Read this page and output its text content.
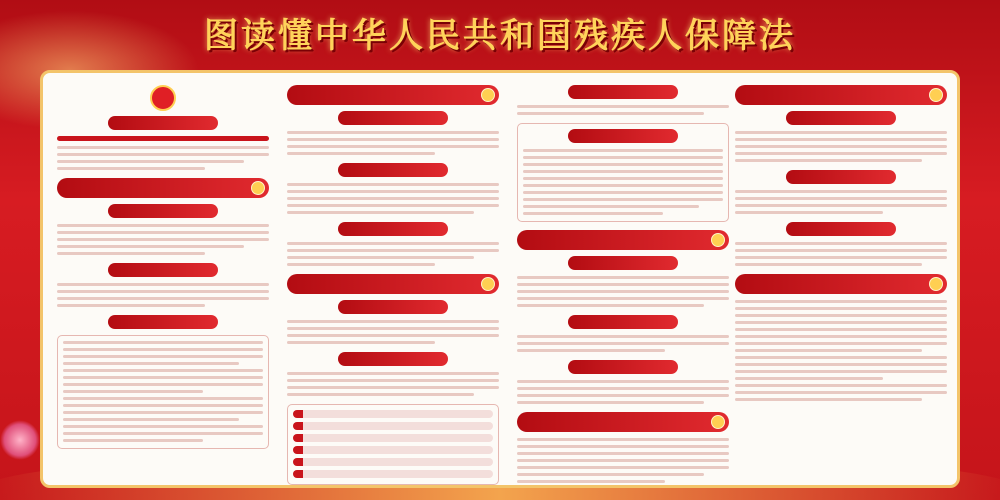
图读懂中华人民共和国残疾人保障法
